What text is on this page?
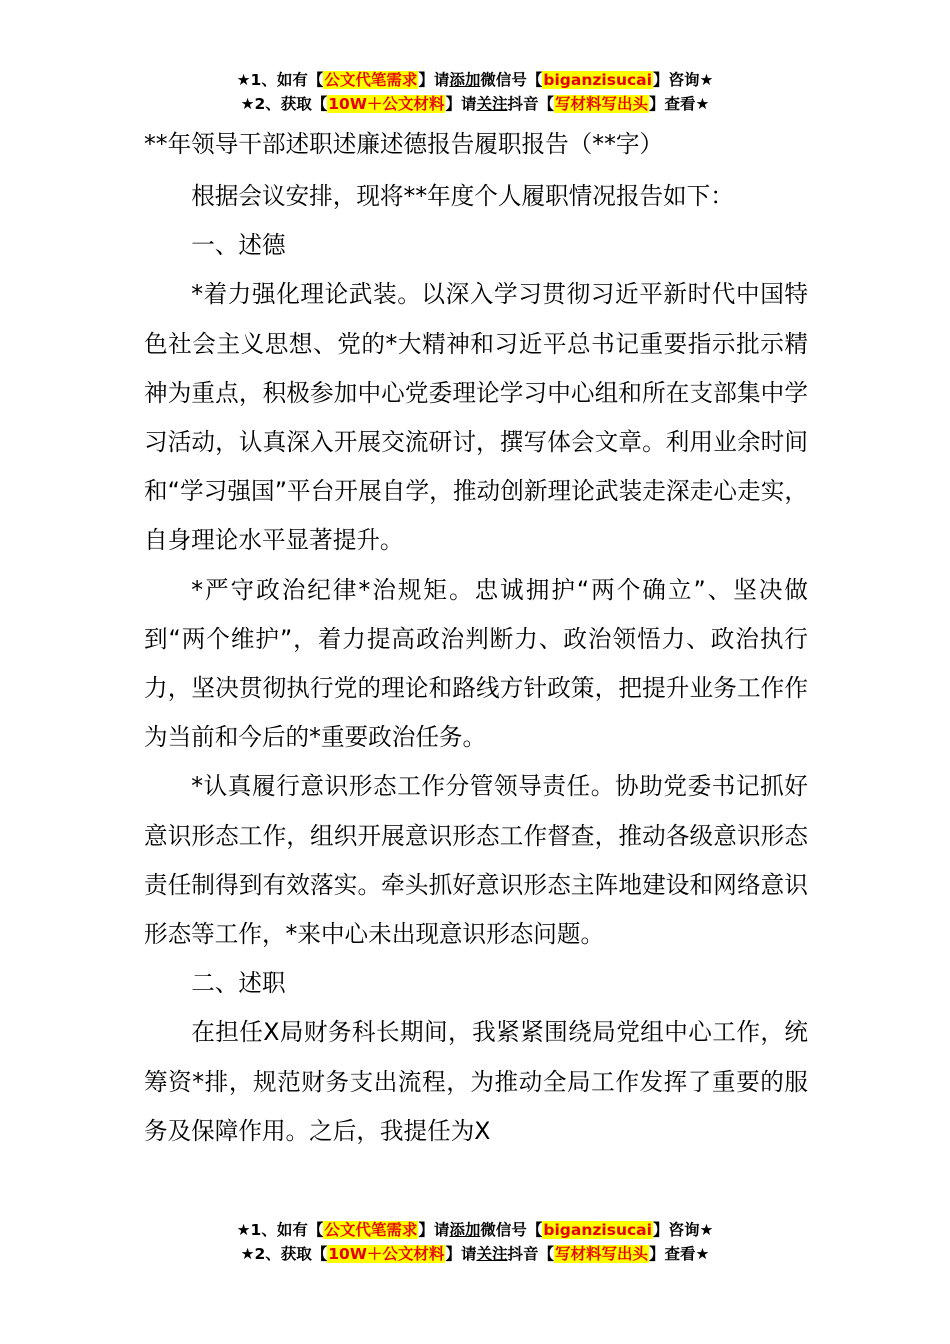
★1、如有【公文代笔需求】请添加微信号【biganzisucai】咨询★
★2、获取【10W＋公文材料】请关注抖音【写材料写出头】查看★
**年领导干部述职述廉述德报告履职报告（**字）

根据会议安排，现将**年度个人履职情况报告如下：

一、述德

*着力强化理论武装。以深入学习贯彻习近平新时代中国特色社会主义思想、党的*大精神和习近平总书记重要指示批示精神为重点，积极参加中心党委理论学习中心组和所在支部集中学习活动，认真深入开展交流研讨，撰写体会文章。利用业余时间和“学习强国”平台开展自学，推动创新理论武装走深走心走实，自身理论水平显著提升。

*严守政治纪律*治规矩。忠诚拥护“两个确立”、坚决做到“两个维护”，着力提高政治判断力、政治领悟力、政治执行力，坚决贯彻执行党的理论和路线方针政策，把提升业务工作作为当前和今后的*重要政治任务。

*认真履行意识形态工作分管领导责任。协助党委书记抓好意识形态工作，组织开展意识形态工作督查，推动各级意识形态责任制得到有效落实。牵头抓好意识形态主阵地建设和网络意识形态等工作，*来中心未出现意识形态问题。

二、述职

在担任X局财务科长期间，我紧紧围绕局党组中心工作，统筹资*排，规范财务支出流程，为推动全局工作发挥了重要的服务及保障作用。之后，我提任为X

★1、如有【公文代笔需求】请添加微信号【biganzisucai】咨询★
★2、获取【10W＋公文材料】请关注抖音【写材料写出头】查看★
